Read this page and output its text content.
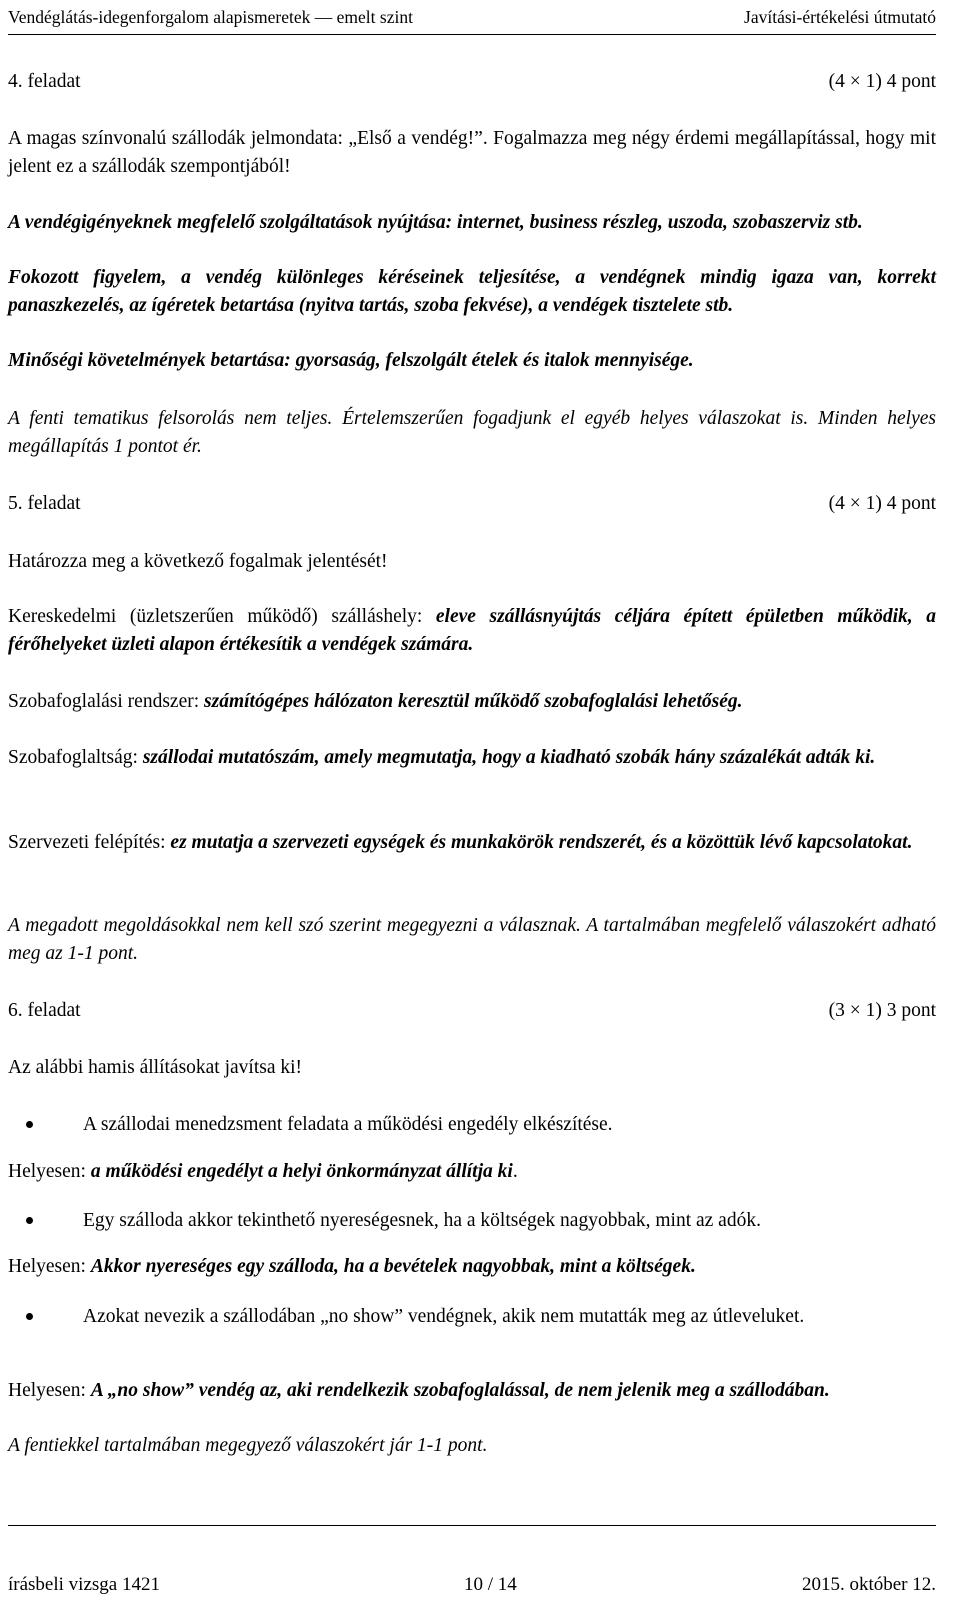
Vendéglátás-idegenforgalom alapismeretek — emelt szint	Javítási-értékelési útmutató
4. feladat	(4 × 1) 4 pont
A magas színvonalú szállodák jelmondata: „Első a vendég!”. Fogalmazza meg négy érdemi megállapítással, hogy mit jelent ez a szállodák szempontjából!
A vendégigényeknek megfelelő szolgáltatások nyújtása: internet, business részleg, uszoda, szobaszerviz stb.
Fokozott figyelem, a vendég különleges kéréseinek teljesítése, a vendégnek mindig igaza van, korrekt panaszkezelés, az ígéretek betartása (nyitva tartás, szoba fekvése), a vendégek tisztelete stb.
Minőségi követelmények betartása: gyorsaság, felszolgált ételek és italok mennyisége.
A fenti tematikus felsorolás nem teljes. Értelemszerűen fogadjunk el egyéb helyes válaszokat is. Minden helyes megállapítás 1 pontot ér.
5. feladat	(4 × 1) 4 pont
Határozza meg a következő fogalmak jelentését!
Kereskedelmi (üzletszerűen működő) szálláshely: eleve szállásnyújtás céljára épített épületben működik, a férőhelyeket üzleti alapon értékesítik a vendégek számára.
Szobafoglalási rendszer: számítógépes hálózaton keresztül működő szobafoglalási lehetőség.
Szobafoglaltság: szállodai mutatószám, amely megmutatja, hogy a kiadható szobák hány százalékát adták ki.
Szervezeti felépítés: ez mutatja a szervezeti egységek és munkakörök rendszerét, és a közöttük lévő kapcsolatokat.
A megadott megoldásokkal nem kell szó szerint megegyezni a válasznak. A tartalmában megfelelő válaszokért adható meg az 1-1 pont.
6. feladat	(3 × 1) 3 pont
Az alábbi hamis állításokat javítsa ki!
A szállodai menedzsment feladata a működési engedély elkészítése.
Helyesen: a működési engedélyt a helyi önkormányzat állítja ki.
Egy szálloda akkor tekinthető nyereségesnek, ha a költségek nagyobbak, mint az adók.
Helyesen: Akkor nyereséges egy szálloda, ha a bevételek nagyobbak, mint a költségek.
Azokat nevezik a szállodában „no show” vendégnek, akik nem mutatták meg az útleveluket.
Helyesen: A „no show” vendég az, aki rendelkezik szobafoglalással, de nem jelenik meg a szállodában.
A fentiekkel tartalmában megegyező válaszokért jár 1-1 pont.
írásbeli vizsga 1421	10 / 14	2015. október 12.
